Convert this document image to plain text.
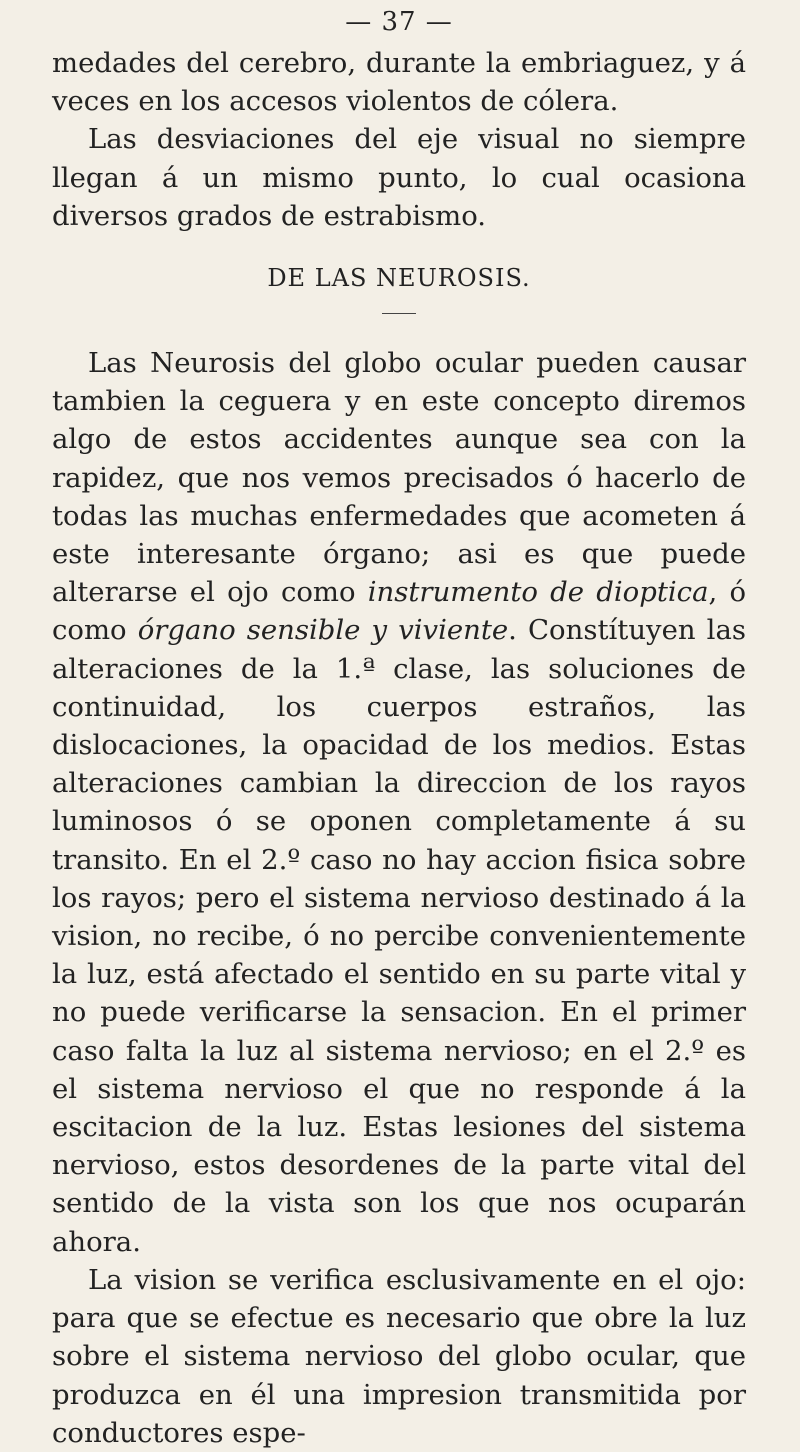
— 37 —

medades del cerebro, durante la embriaguez, y á veces en los accesos violentos de cólera.

Las desviaciones del eje visual no siempre llegan á un mismo punto, lo cual ocasiona diversos grados de estrabismo.

DE LAS NEUROSIS.

Las Neurosis del globo ocular pueden causar tambien la ceguera y en este concepto diremos algo de estos accidentes aunque sea con la rapidez, que nos vemos precisados ó hacerlo de todas las muchas enfermedades que acometen á este interesante órgano; asi es que puede alterarse el ojo como instrumento de dioptica, ó como órgano sensible y viviente. Constítuyen las alteraciones de la 1.ª clase, las soluciones de continuidad, los cuerpos estraños, las dislocaciones, la opacidad de los medios. Estas alteraciones cambian la direccion de los rayos luminosos ó se oponen completamente á su transito. En el 2.º caso no hay accion fisica sobre los rayos; pero el sistema nervioso destinado á la vision, no recibe, ó no percibe convenientemente la luz, está afectado el sentido en su parte vital y no puede verificarse la sensacion. En el primer caso falta la luz al sistema nervioso; en el 2.º es el sistema nervioso el que no responde á la escitacion de la luz. Estas lesiones del sistema nervioso, estos desordenes de la parte vital del sentido de la vista son los que nos ocuparán ahora.

La vision se verifica esclusivamente en el ojo: para que se efectue es necesario que obre la luz sobre el sistema nervioso del globo ocular, que produzca en él una impresion transmitida por conductores espe-
